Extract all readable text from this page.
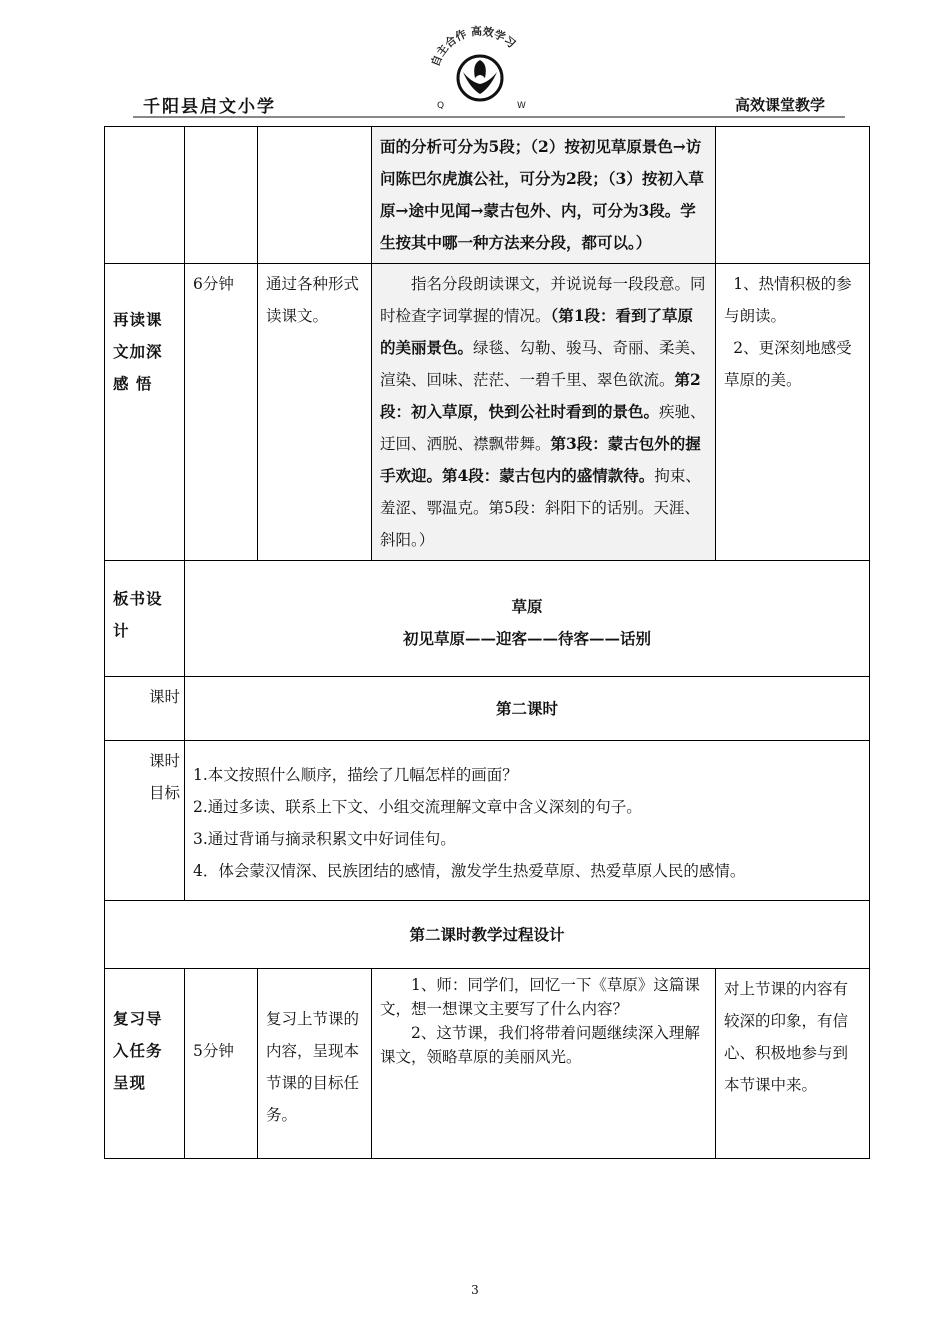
千阳县启文小学
自主合作 高效学习
Q	W	高效课堂教学

			面的分析可分为5段；（2）按初见草原景色→访问陈巴尔虎旗公社，可分为2段；（3）按初入草原→途中见闻→蒙古包外、内，可分为3段。学生按其中哪一种方法来分段，都可以。）	

再读课文加深感 悟	6分钟	通过各种形式读课文。	指名分段朗读课文，并说说每一段段意。同时检查字词掌握的情况。（第1段：看到了草原的美丽景色。绿毯、勾勒、骏马、奇丽、柔美、渲染、回味、茫茫、一碧千里、翠色欲流。第2段：初入草原，快到公社时看到的景色。疾驰、迂回、洒脱、襟飘带舞。第3段：蒙古包外的握手欢迎。第4段：蒙古包内的盛情款待。拘束、羞涩、鄂温克。第5段：斜阳下的话别。天涯、斜阳。）	1、热情积极的参与朗读。

2、更深刻地感受草原的美。

板书设 计	草原
初见草原——迎客——待客——话别			

课时	第二课时			
课时目标	1.本文按照什么顺序，描绘了几幅怎样的画面？

2.通过多读、联系上下文、小组交流理解文章中含义深刻的句子。

3.通过背诵与摘录积累文中好词佳句。

4．体会蒙汉情深、民族团结的感情，激发学生热爱草原、热爱草原人民的感情。			

第二课时教学过程设计				
复习导入任务呈现	5分钟	复习上节课的内容，呈现本节课的目标任务。	1、师：同学们，回忆一下《草原》这篇课文，想一想课文主要写了什么内容？

2、这节课，我们将带着问题继续深入理解课文，领略草原的美丽风光。	对上节课的内容有较深的印象，有信心、积极地参与到本节课中来。
3
